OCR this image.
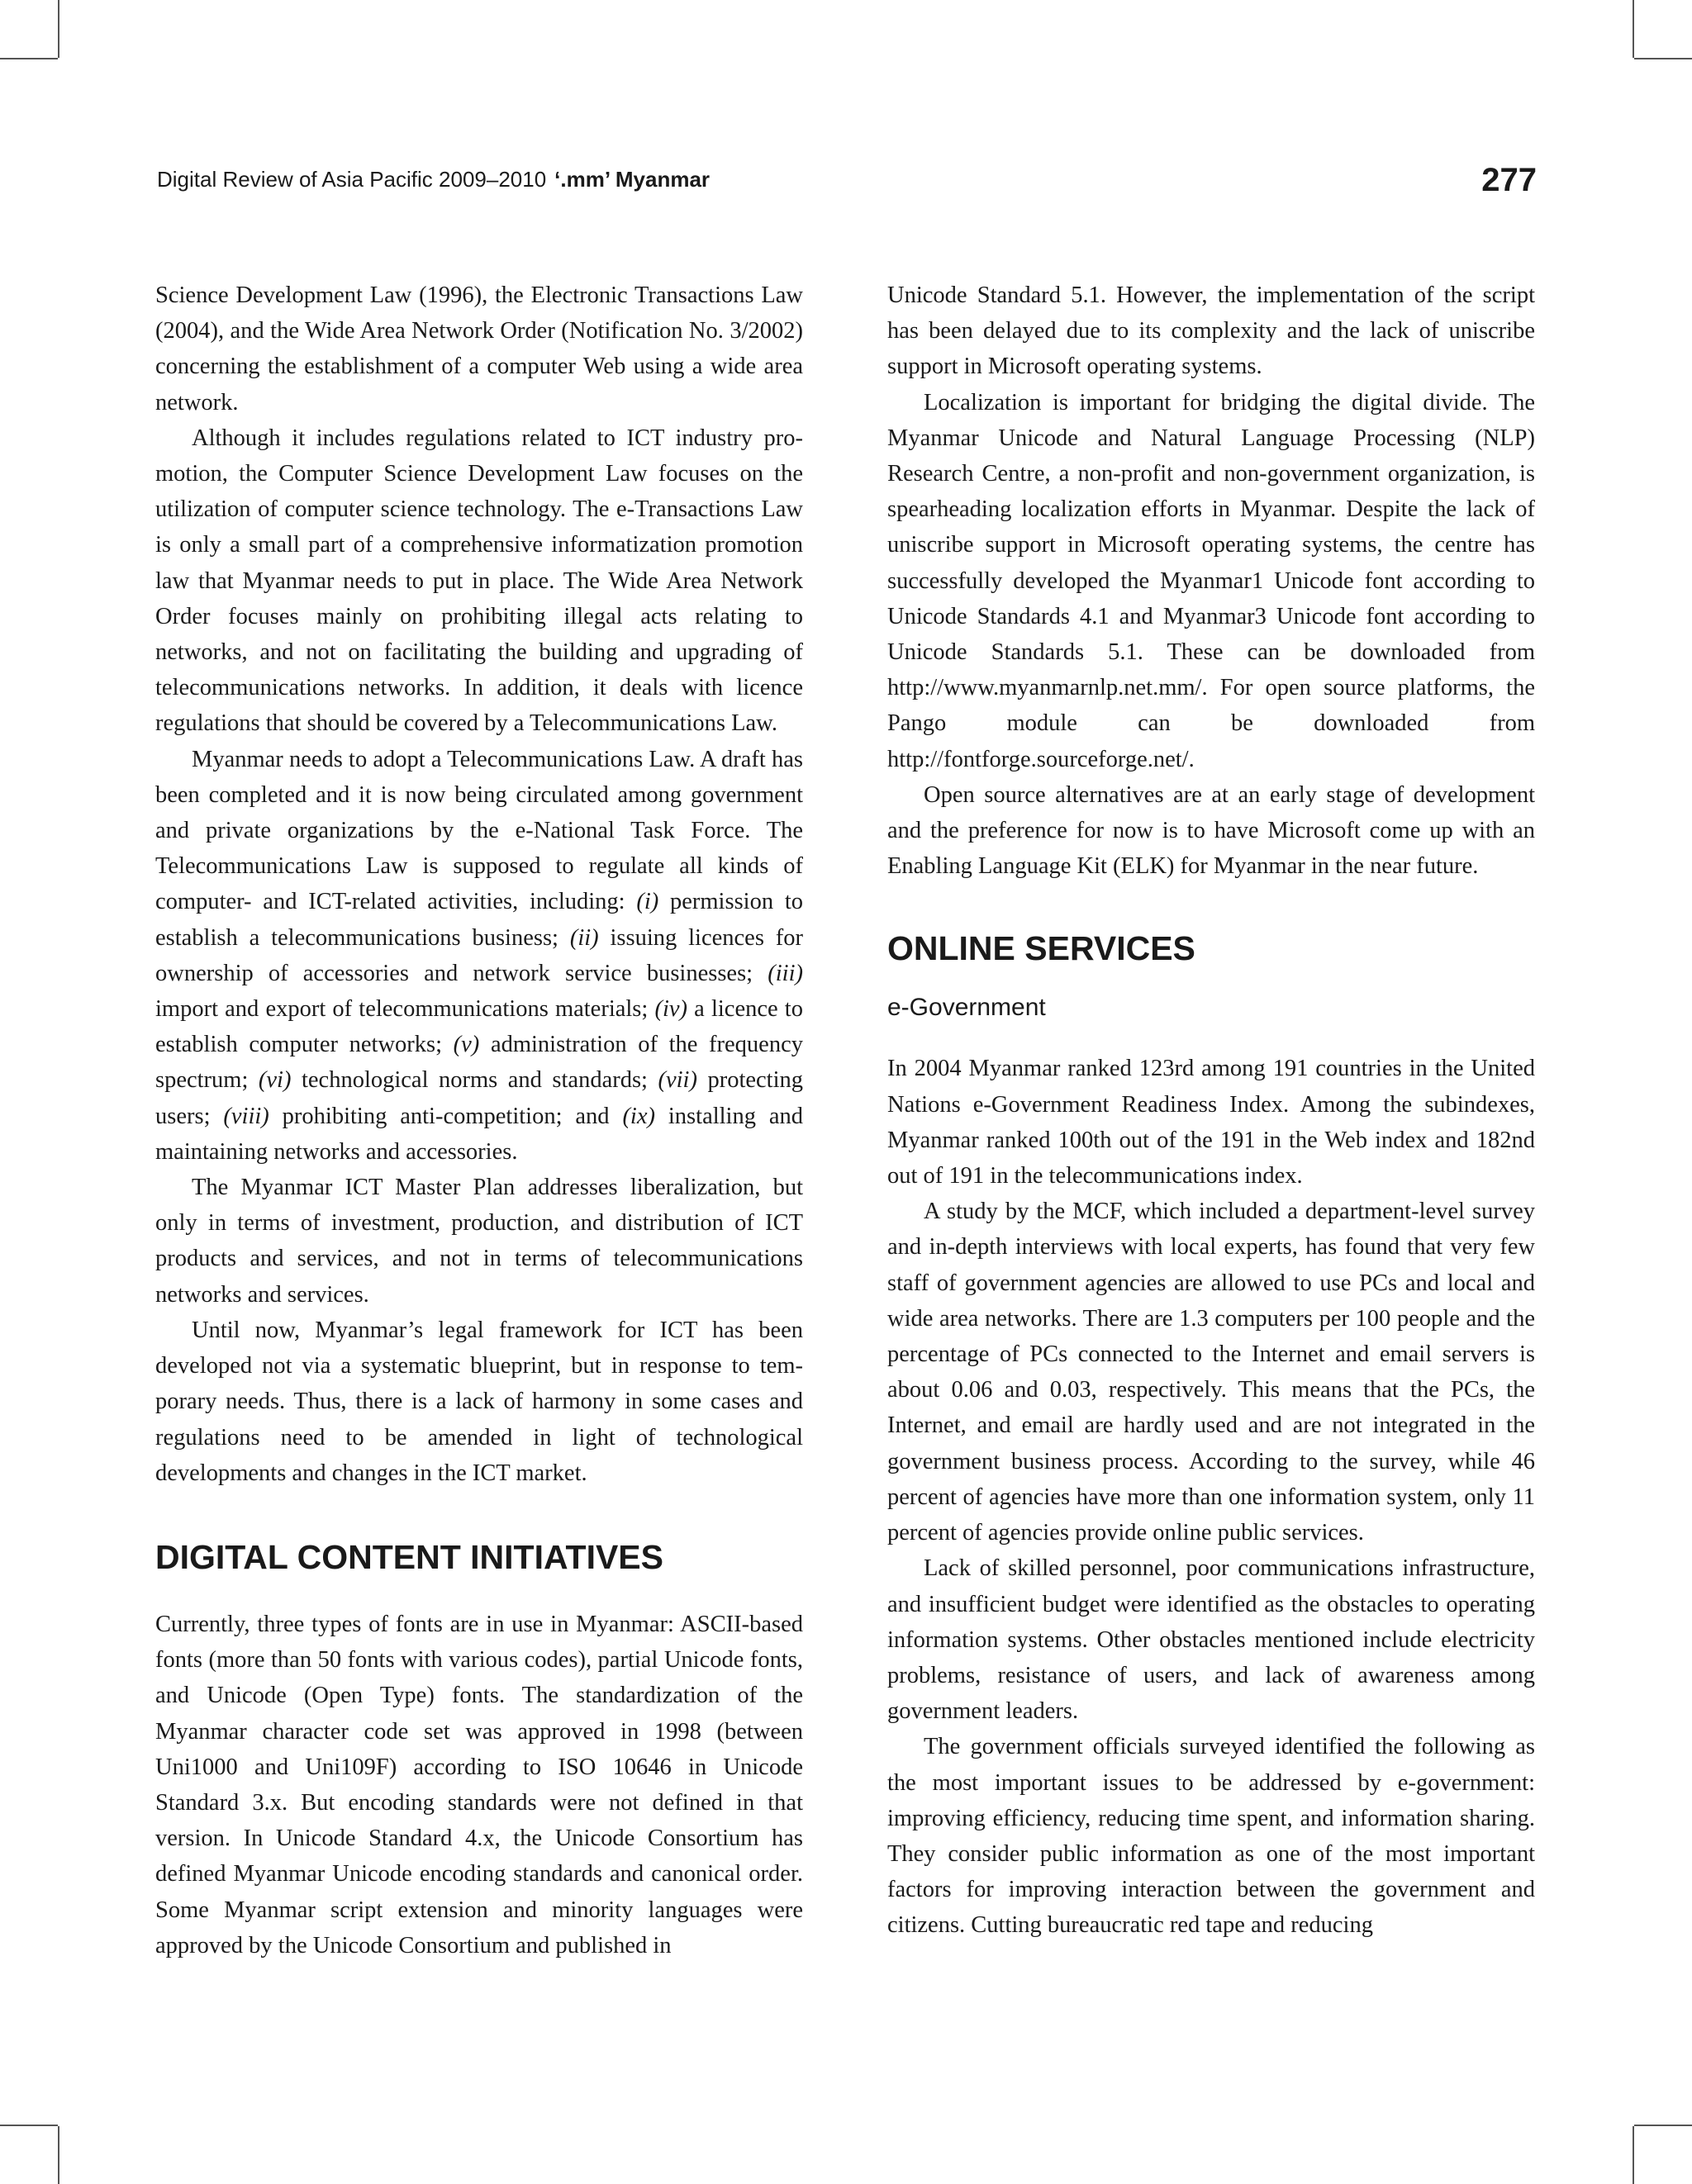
Digital Review of Asia Pacific 2009–2010 ‘.mm’ Myanmar	277

Science Development Law (1996), the Electronic Transactions Law (2004), and the Wide Area Network Order (Notification No. 3/2002) concerning the establishment of a computer Web using a wide area network.

Although it includes regulations related to ICT industry promotion, the Computer Science Development Law focuses on the utilization of computer science technology. The e-Transactions Law is only a small part of a comprehensive informatization promotion law that Myanmar needs to put in place. The Wide Area Network Order focuses mainly on prohibiting illegal acts relating to networks, and not on facilitating the building and upgrading of telecommunications networks. In addition, it deals with licence regulations that should be covered by a Telecommunications Law.

Myanmar needs to adopt a Telecommunications Law. A draft has been completed and it is now being circulated among government and private organizations by the e-National Task Force. The Telecommunications Law is supposed to regulate all kinds of computer- and ICT-related activities, including: (i) permission to establish a telecommunications business; (ii) issuing licences for ownership of accessories and network service businesses; (iii) import and export of telecommunications materials; (iv) a licence to establish computer networks; (v) administration of the frequency spectrum; (vi) technological norms and standards; (vii) protecting users; (viii) prohibiting anti-competition; and (ix) installing and maintaining networks and accessories.

The Myanmar ICT Master Plan addresses liberalization, but only in terms of investment, production, and distribution of ICT products and services, and not in terms of telecommunications networks and services.

Until now, Myanmar’s legal framework for ICT has been developed not via a systematic blueprint, but in response to temporary needs. Thus, there is a lack of harmony in some cases and regulations need to be amended in light of technological developments and changes in the ICT market.

DIGITAL CONTENT INITIATIVES

Currently, three types of fonts are in use in Myanmar: ASCII-based fonts (more than 50 fonts with various codes), partial Unicode fonts, and Unicode (Open Type) fonts. The standardization of the Myanmar character code set was approved in 1998 (between Uni1000 and Uni109F) according to ISO 10646 in Unicode Standard 3.x. But encoding standards were not defined in that version. In Unicode Standard 4.x, the Unicode Consortium has defined Myanmar Unicode encoding standards and canonical order. Some Myanmar script extension and minority languages were approved by the Unicode Consortium and published in

Unicode Standard 5.1. However, the implementation of the script has been delayed due to its complexity and the lack of uniscribe support in Microsoft operating systems.

Localization is important for bridging the digital divide. The Myanmar Unicode and Natural Language Processing (NLP) Research Centre, a non-profit and non-government organization, is spearheading localization efforts in Myanmar. Despite the lack of uniscribe support in Microsoft operating systems, the centre has successfully developed the Myanmar1 Unicode font according to Unicode Standards 4.1 and Myanmar3 Unicode font according to Unicode Standards 5.1. These can be downloaded from http://www.myanmarnlp.net.mm/. For open source platforms, the Pango module can be downloaded from http://fontforge.sourceforge.net/.

Open source alternatives are at an early stage of development and the preference for now is to have Microsoft come up with an Enabling Language Kit (ELK) for Myanmar in the near future.

ONLINE SERVICES
e-Government

In 2004 Myanmar ranked 123rd among 191 countries in the United Nations e-Government Readiness Index. Among the subindexes, Myanmar ranked 100th out of the 191 in the Web index and 182nd out of 191 in the telecommunications index.

A study by the MCF, which included a department-level survey and in-depth interviews with local experts, has found that very few staff of government agencies are allowed to use PCs and local and wide area networks. There are 1.3 computers per 100 people and the percentage of PCs connected to the Internet and email servers is about 0.06 and 0.03, respectively. This means that the PCs, the Internet, and email are hardly used and are not integrated in the government business process. According to the survey, while 46 percent of agencies have more than one information system, only 11 percent of agencies provide online public services.

Lack of skilled personnel, poor communications infrastructure, and insufficient budget were identified as the obstacles to operating information systems. Other obstacles mentioned include electricity problems, resistance of users, and lack of awareness among government leaders.

The government officials surveyed identified the following as the most important issues to be addressed by e-government: improving efficiency, reducing time spent, and information sharing. They consider public information as one of the most important factors for improving interaction between the government and citizens. Cutting bureaucratic red tape and reducing
